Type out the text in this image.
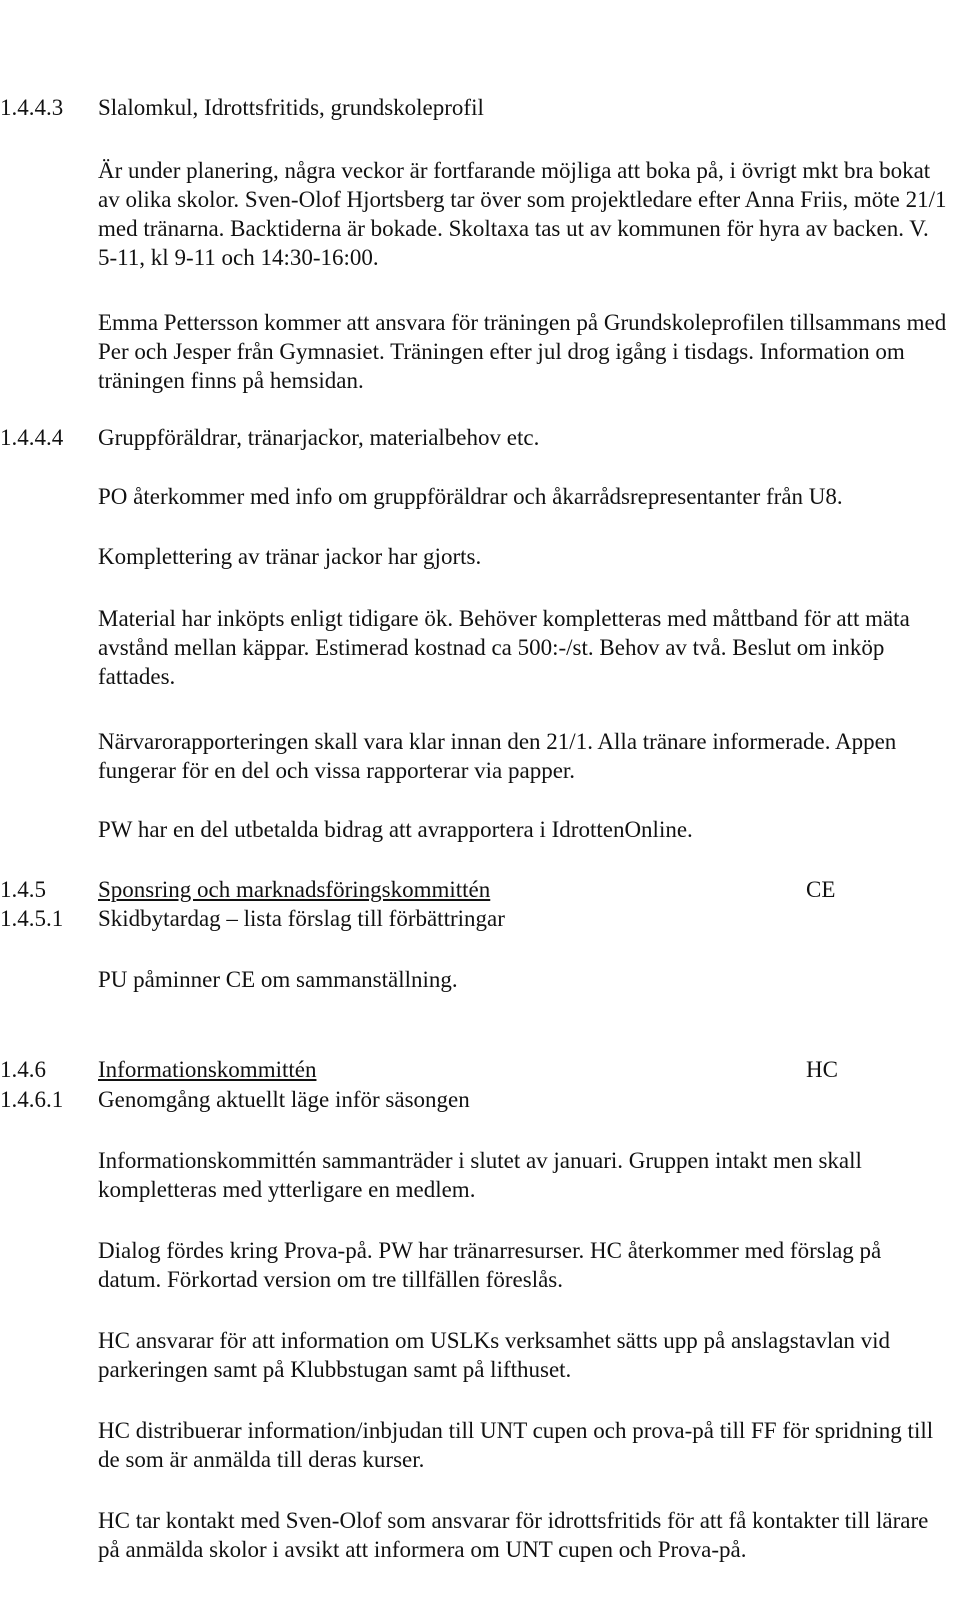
1.4.4.3 Slalomkul, Idrottsfritids, grundskoleprofil

Är under planering, några veckor är fortfarande möjliga att boka på, i övrigt mkt bra bokat av olika skolor. Sven-Olof Hjortsberg tar över som projektledare efter Anna Friis, möte 21/1 med tränarna. Backtiderna är bokade. Skoltaxa tas ut av kommunen för hyra av backen. V. 5-11, kl 9-11 och 14:30-16:00.

Emma Pettersson kommer att ansvara för träningen på Grundskoleprofilen tillsammans med Per och Jesper från Gymnasiet. Träningen efter jul drog igång i tisdags. Information om träningen finns på hemsidan.

1.4.4.4 Gruppföräldrar, tränarjackor, materialbehov etc.

PO återkommer med info om gruppföräldrar och åkarrådsrepresentanter från U8.

Komplettering av tränar jackor har gjorts.

Material har inköpts enligt tidigare ök. Behöver kompletteras med måttband för att mäta avstånd mellan käppar. Estimerad kostnad ca 500:-/st. Behov av två. Beslut om inköp fattades.

Närvarorapporteringen skall vara klar innan den 21/1. Alla tränare informerade. Appen fungerar för en del och vissa rapporterar via papper.

PW har en del utbetalda bidrag att avrapportera i IdrottenOnline.

1.4.5 Sponsring och marknadsföringskommittén	CE
1.4.5.1 Skidbytardag – lista förslag till förbättringar

PU påminner CE om sammanställning.

1.4.6 Informationskommittén	HC
1.4.6.1 Genomgång aktuellt läge inför säsongen

Informationskommittén sammanträder i slutet av januari. Gruppen intakt men skall kompletteras med ytterligare en medlem.

Dialog fördes kring Prova-på. PW har tränarresurser. HC återkommer med förslag på datum. Förkortad version om tre tillfällen föreslås.

HC ansvarar för att information om USLKs verksamhet sätts upp på anslagstavlan vid parkeringen samt på Klubbstugan samt på lifthuset.

HC distribuerar information/inbjudan till UNT cupen och prova-på till FF för spridning till de som är anmälda till deras kurser.

HC tar kontakt med Sven-Olof som ansvarar för idrottsfritids för att få kontakter till lärare på anmälda skolor i avsikt att informera om UNT cupen och Prova-på.
